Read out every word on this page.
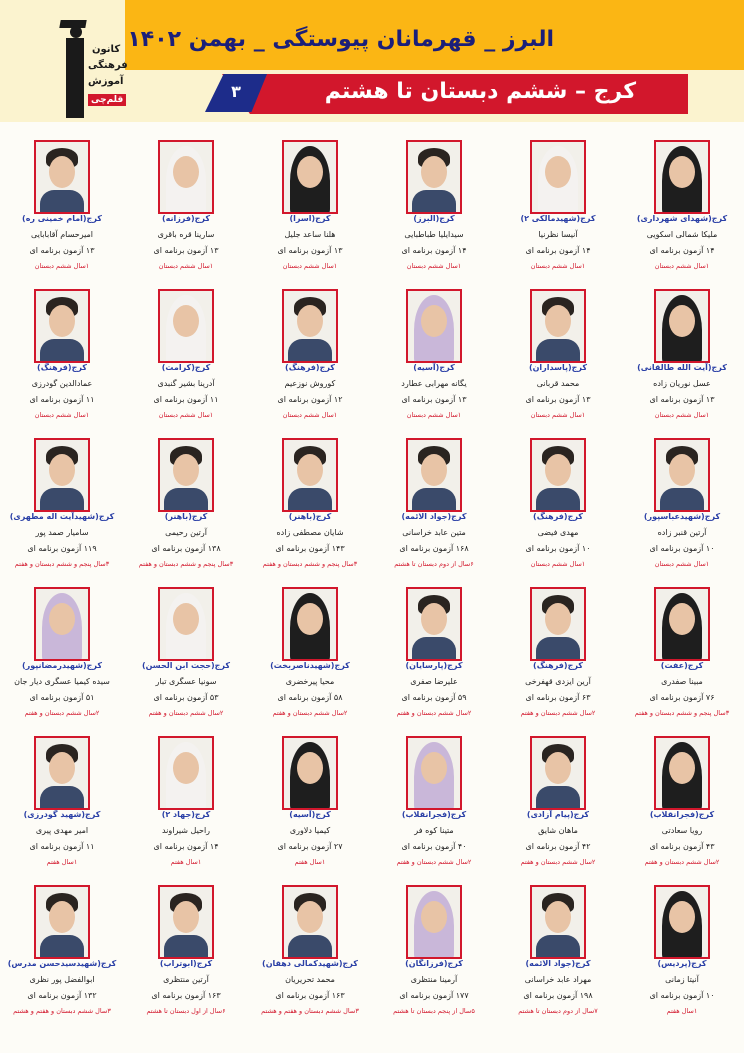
البرز _ قهرمانان پیوستگی _ بهمن ۱۴۰۲
کرج – ششم دبستان تا هشتم
۳
کانون
فرهنگی
آموزش
قلم‌چی
کرج(شهدای شهرداری)
ملیکا شمالی اسکویی
۱۴ آزمون برنامه ای
۱سال ششم دبستان
کرج(شهیدمالکی ۲)
آنیسا نظرنیا
۱۴ آزمون برنامه ای
۱سال ششم دبستان
کرج(البرز)
سیدایلیا طباطبایی
۱۴ آزمون برنامه ای
۱سال ششم دبستان
کرج(اسرا)
هلنا ساعد جلیل
۱۳ آزمون برنامه ای
۱سال ششم دبستان
کرج(فرزانه)
سارینا قره باقری
۱۳ آزمون برنامه ای
۱سال ششم دبستان
کرج(امام خمینی ره)
امیرحسام آقابابایی
۱۳ آزمون برنامه ای
۱سال ششم دبستان
کرج(آیت الله طالقانی)
عسل نوریان زاده
۱۳ آزمون برنامه ای
۱سال ششم دبستان
کرج(پاسداران)
محمد قربانی
۱۳ آزمون برنامه ای
۱سال ششم دبستان
کرج(آسیه)
یگانه مهرابی عطارد
۱۳ آزمون برنامه ای
۱سال ششم دبستان
کرج(فرهنگ)
کوروش نوزعیم
۱۲ آزمون برنامه ای
۱سال ششم دبستان
کرج(کرامت)
آدرینا بشیر گنبدی
۱۱ آزمون برنامه ای
۱سال ششم دبستان
کرج(فرهنگ)
عمادالدین گودرزی
۱۱ آزمون برنامه ای
۱سال ششم دبستان
کرج(شهیدعباسپور)
آرتین قنبر زاده
۱۰ آزمون برنامه ای
۱سال ششم دبستان
کرج(فرهنگ)
مهدی فیضی
۱۰ آزمون برنامه ای
۱سال ششم دبستان
کرج(جواد الائمه)
متین عابد خراسانی
۱۶۸ آزمون برنامه ای
۶سال از دوم دبستان تا هشتم
کرج(باهنر)
شایان مصطفی زاده
۱۴۳ آزمون برنامه ای
۳سال پنجم و ششم دبستان و هفتم
کرج(باهنر)
آرتین رحیمی
۱۳۸ آزمون برنامه ای
۳سال پنجم و ششم دبستان و هفتم
کرج(شهیدآیت اله مطهری)
سامیار صمد پور
۱۱۹ آزمون برنامه ای
۳سال پنجم و ششم دبستان و هفتم
کرج(عفت)
مبینا صفدری
۷۶ آزمون برنامه ای
۳سال پنجم و ششم دبستان و هفتم
کرج(فرهنگ)
آرین ایزدی قهفرخی
۶۳ آزمون برنامه ای
۲سال ششم دبستان و هفتم
کرج(پارسایان)
علیرضا صفری
۵۹ آزمون برنامه ای
۲سال ششم دبستان و هفتم
کرج(شهیدناصربخت)
محیا پیرخضری
۵۸ آزمون برنامه ای
۲سال ششم دبستان و هفتم
کرج(حجت ابن الحسن)
سونیا عسگری تبار
۵۳ آزمون برنامه ای
۲سال ششم دبستان و هفتم
کرج(شهیدرمضانپور)
سیده کیمیا عسگری دیار جان
۵۱ آزمون برنامه ای
۲سال ششم دبستان و هفتم
کرج(فجرانقلاب)
رویا سعادتی
۴۳ آزمون برنامه ای
۲سال ششم دبستان و هفتم
کرج(پیام آزادی)
ماهان شایق
۴۲ آزمون برنامه ای
۲سال ششم دبستان و هفتم
کرج(فجرانقلاب)
متینا کوه فر
۴۰ آزمون برنامه ای
۲سال ششم دبستان و هفتم
کرج(آسیه)
کیمیا دلاوری
۲۷ آزمون برنامه ای
۱سال هفتم
کرج(جهاد ۲)
راحیل شیراوند
۱۴ آزمون برنامه ای
۱سال هفتم
کرج(شهید گودرزی)
امیر مهدی پیری
۱۱ آزمون برنامه ای
۱سال هفتم
کرج(پردیس)
آنیتا زمانی
۱۰ آزمون برنامه ای
۱سال هفتم
کرج(جواد الائمه)
مهراد عابد خراسانی
۱۹۸ آزمون برنامه ای
۷سال از دوم دبستان تا هشتم
کرج(فرزانگان)
آرمینا منتظری
۱۷۷ آزمون برنامه ای
۵سال از پنجم دبستان تا هشتم
کرج(شهیدکمالی دهقان)
محمد تحریریان
۱۶۳ آزمون برنامه ای
۳سال ششم دبستان و هفتم و هشتم
کرج(ابوتراب)
آرتین منتظری
۱۶۳ آزمون برنامه ای
۶سال از اول دبستان تا هشتم
کرج(شهیدسیدحسن مدرس)
ابوالفضل پور نظری
۱۳۲ آزمون برنامه ای
۳سال ششم دبستان و هفتم و هشتم
